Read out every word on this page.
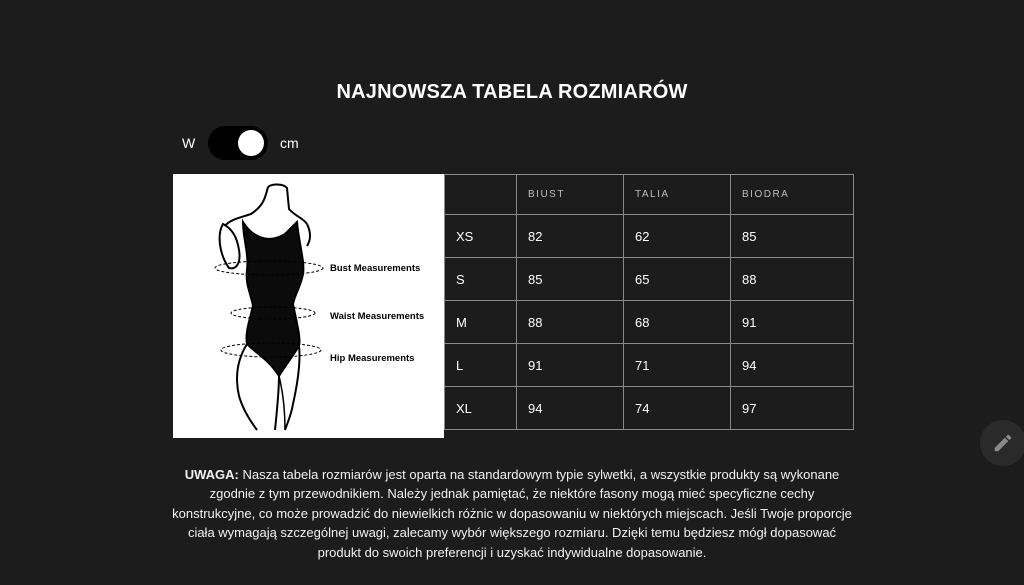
NAJNOWSZA TABELA ROZMIARÓW
W	cm
Bust Measurements
Waist Measurements
Hip Measurements
	BIUST	TALIA	BIODRA
XS	82	62	85
S	85	65	88
M	88	68	91
L	91	71	94
XL	94	74	97

UWAGA: Nasza tabela rozmiarów jest oparta na standardowym typie sylwetki, a wszystkie produkty są wykonane zgodnie z tym przewodnikiem. Należy jednak pamiętać, że niektóre fasony mogą mieć specyficzne cechy konstrukcyjne, co może prowadzić do niewielkich różnic w dopasowaniu w niektórych miejscach. Jeśli Twoje proporcje ciała wymagają szczególnej uwagi, zalecamy wybór większego rozmiaru. Dzięki temu będziesz mógł dopasować produkt do swoich preferencji i uzyskać indywidualne dopasowanie.
